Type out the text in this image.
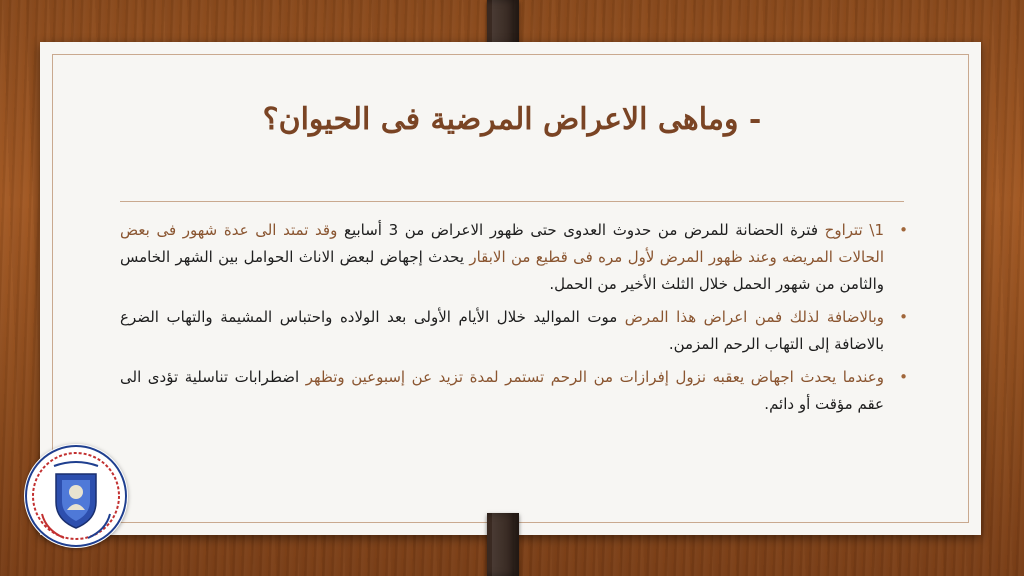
- وماهى الاعراض المرضية فى الحيوان؟
•
1\ تتراوح فترة الحضانة للمرض من حدوث العدوى حتى ظهور الاعراض من 3 أسابيع وقد تمتد الى عدة شهور فى بعض الحالات المريضه وعند ظهور المرض لأول مره فى قطيع من الابقار يحدث إجهاض لبعض الاناث الحوامل بين الشهر الخامس والثامن من شهور الحمل خلال الثلث الأخير من الحمل.
•
وبالاضافة لذلك فمن اعراض هذا المرض موت المواليد خلال الأيام الأولى بعد الولاده واحتباس المشيمة والتهاب الضرع بالاضافة إلى التهاب الرحم المزمن.
•
وعندما يحدث اجهاض يعقبه نزول إفرازات من الرحم تستمر لمدة تزيد عن إسبوعين وتظهر اضطرابات تناسلية تؤدى الى عقم مؤقت أو دائم.
